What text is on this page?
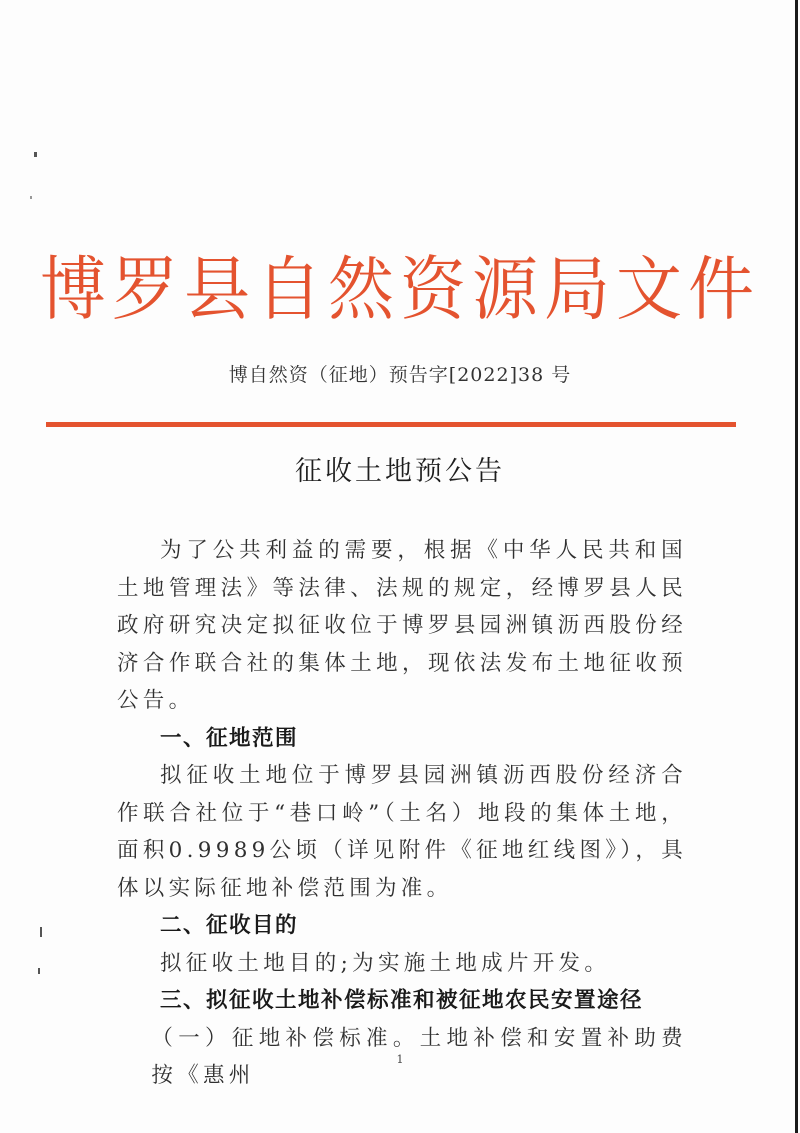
博罗县自然资源局文件
博自然资（征地）预告字[2022]38 号
征收土地预公告

为了公共利益的需要，根据《中华人民共和国土地管理法》等法律、法规的规定，经博罗县人民政府研究决定拟征收位于博罗县园洲镇沥西股份经济合作联合社的集体土地，现依法发布土地征收预公告。

一、征地范围

拟征收土地位于博罗县园洲镇沥西股份经济合作联合社位于“巷口岭”（土名）地段的集体土地，面积0.9989公顷（详见附件《征地红线图》），具体以实际征地补偿范围为准。

二、征收目的

拟征收土地目的;为实施土地成片开发。

三、拟征收土地补偿标准和被征地农民安置途径

（一）征地补偿标准。土地补偿和安置补助费按《惠州

1
